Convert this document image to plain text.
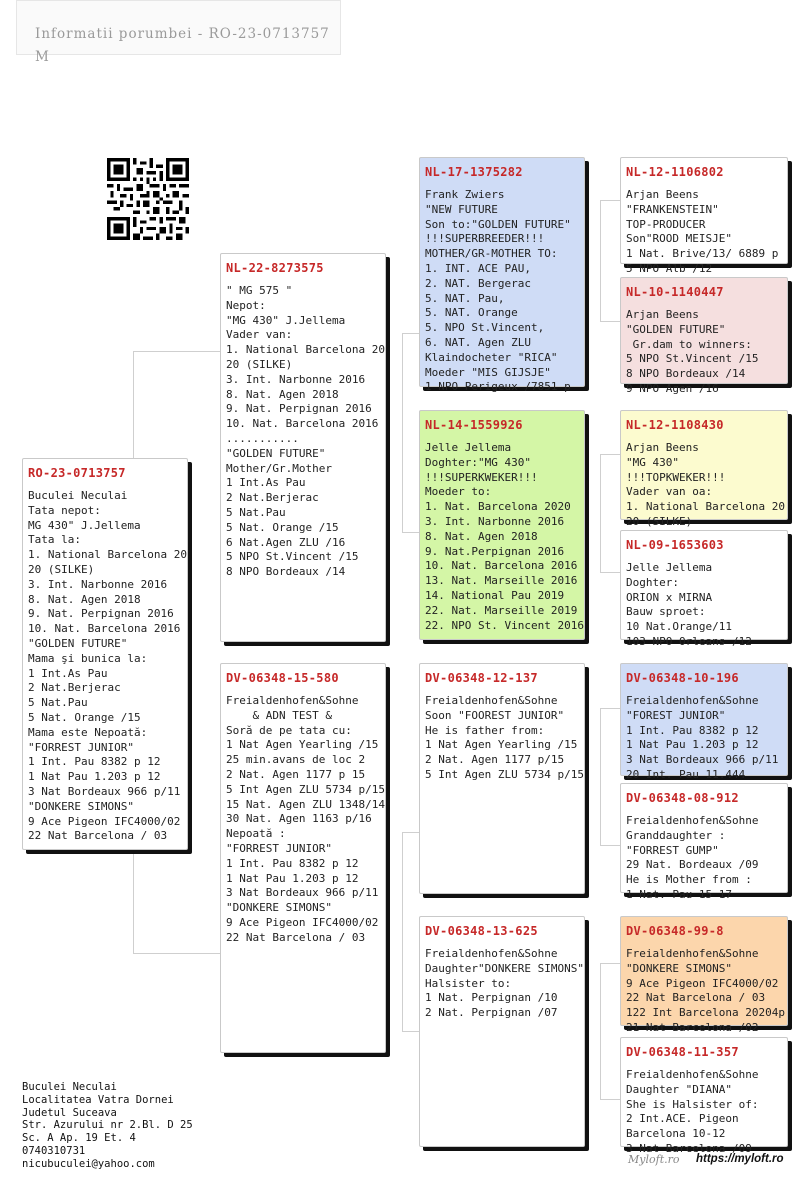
Informatii porumbei - RO-23-0713757 M
RO-23-0713757
Buculei Neculai
Tata nepot:
MG 430" J.Jellema
Tata la:
1. National Barcelona 20
20 (SILKE)
3. Int. Narbonne 2016
8. Nat. Agen 2018
9. Nat. Perpignan 2016
10. Nat. Barcelona 2016
"GOLDEN FUTURE"
Mama şi bunica la:
1 Int.As Pau
2 Nat.Berjerac
5 Nat.Pau
5 Nat. Orange /15
Mama este Nepoată:
"FORREST JUNIOR"
1 Int. Pau 8382 p 12
1 Nat Pau 1.203 p 12
3 Nat Bordeaux 966 p/11
"DONKERE SIMONS"
9 Ace Pigeon IFC4000/02
22 Nat Barcelona / 03
NL-22-8273575
" MG 575 "
Nepot:
"MG 430" J.Jellema
Vader van:
1. National Barcelona 20
20 (SILKE)
3. Int. Narbonne 2016
8. Nat. Agen 2018
9. Nat. Perpignan 2016
10. Nat. Barcelona 2016
...........
"GOLDEN FUTURE"
Mother/Gr.Mother
1 Int.As Pau
2 Nat.Berjerac
5 Nat.Pau
5 Nat. Orange /15
6 Nat.Agen ZLU /16
5 NPO St.Vincent /15
8 NPO Bordeaux /14
DV-06348-15-580
Freialdenhofen&Sohne
& ADN TEST &
Soră de pe tata cu:
1 Nat Agen Yearling /15
25 min.avans de loc 2
2 Nat. Agen 1177 p 15
5 Int Agen ZLU 5734 p/15
15 Nat. Agen ZLU 1348/14
30 Nat. Agen 1163 p/16
Nepoată :
"FORREST JUNIOR"
1 Int. Pau 8382 p 12
1 Nat Pau 1.203 p 12
3 Nat Bordeaux 966 p/11
"DONKERE SIMONS"
9 Ace Pigeon IFC4000/02
22 Nat Barcelona / 03
NL-17-1375282
Frank Zwiers
"NEW FUTURE
Son to:"GOLDEN FUTURE"
!!!SUPERBREEDER!!!
MOTHER/GR-MOTHER TO:
1. INT. ACE PAU,
2. NAT. Bergerac
5. NAT. Pau,
5. NAT. Orange
5. NPO St.Vincent,
6. NAT. Agen ZLU
Klaindocheter "RICA"
Moeder "MIS GIJSJE"
1 NPO Perigeux /7851 p
NL-14-1559926
Jelle Jellema
Doghter:"MG 430"
!!!SUPERKWEKER!!!
Moeder to:
1. Nat. Barcelona 2020
3. Int. Narbonne 2016
8. Nat. Agen 2018
9. Nat.Perpignan 2016
10. Nat. Barcelona 2016
13. Nat. Marseille 2016
14. National Pau 2019
22. Nat. Marseille 2019
22. NPO St. Vincent 2016
DV-06348-12-137
Freialdenhofen&Sohne
Soon "FOOREST JUNIOR"
He is father from:
1 Nat Agen Yearling /15
2 Nat. Agen 1177 p/15
5 Int Agen ZLU 5734 p/15
DV-06348-13-625
Freialdenhofen&Sohne
Daughter"DONKERE SIMONS"
Halsister to:
1 Nat. Perpignan /10
2 Nat. Perpignan /07
NL-12-1106802
Arjan Beens
"FRANKENSTEIN"
TOP-PRODUCER
Son"ROOD MEISJE"
1 Nat. Brive/13/ 6889 p
5 NPO Alb /12
NL-10-1140447
Arjan Beens
"GOLDEN FUTURE"
Gr.dam to winners:
5 NPO St.Vincent /15
8 NPO Bordeaux /14
9 NPO Agen /16
NL-12-1108430
Arjan Beens
"MG 430"
!!!TOPKWEKER!!!
Vader van oa:
1. National Barcelona 20
20 (SILKE)
NL-09-1653603
Jelle Jellema
Doghter:
ORION x MIRNA
Bauw sproet:
10 Nat.Orange/11
103 NPO Orleans /12
DV-06348-10-196
Freialdenhofen&Sohne
"FOREST JUNIOR"
1 Int. Pau 8382 p 12
1 Nat Pau 1.203 p 12
3 Nat Bordeaux 966 p/11
20 Int. Pau 11.444
DV-06348-08-912
Freialdenhofen&Sohne
Granddaughter :
"FORREST GUMP"
29 Nat. Bordeaux /09
He is Mother from :
1 Nat. Pau 15 17
DV-06348-99-8
Freialdenhofen&Sohne
"DONKERE SIMONS"
9 Ace Pigeon IFC4000/02
22 Nat Barcelona / 03
122 Int Barcelona 20204p
21 Nat Barcelona /02
DV-06348-11-357
Freialdenhofen&Sohne
Daughter "DIANA"
She is Halsister of:
2 Int.ACE. Pigeon
Barcelona 10-12
3 Nat Barcelona /09
Buculei Neculai
Localitatea Vatra Dornei
Judetul Suceava
Str. Azurului nr 2.Bl. D 25
Sc. A Ap. 19 Et. 4
0740310731
nicubuculei@yahoo.com	Myloft.ro https://myloft.ro
